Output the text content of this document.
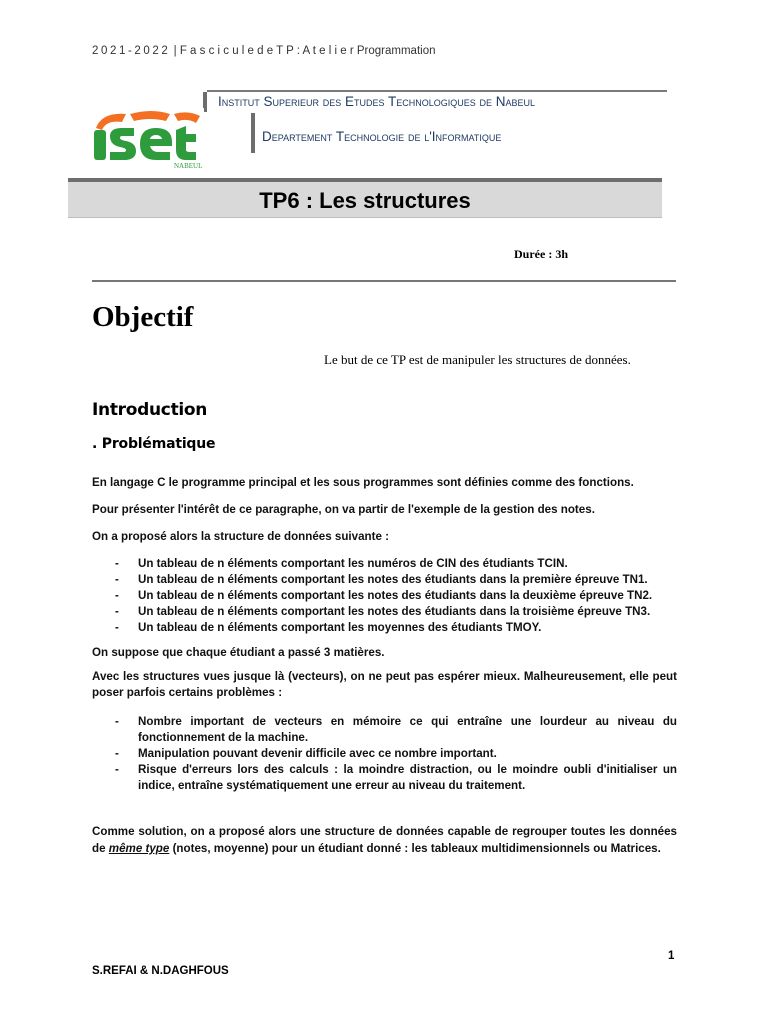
2021-2022 | F a s c i c u l e d e T P : A t e l i e r Programmation
Institut Superieur des Etudes Technologiques de Nabeul
Departement Technologie de l'Informatique
NABEUL
TP6 : Les structures
Durée : 3h
Objectif
Le but de ce TP est de manipuler les structures de données.
Introduction
. Problématique
En langage C le programme principal et les sous programmes sont définies comme des fonctions.
Pour présenter l'intérêt de ce paragraphe, on va partir de l'exemple de la gestion des notes.
On a proposé alors la structure de données suivante :
- Un tableau de n éléments comportant les numéros de CIN des étudiants TCIN.
- Un tableau de n éléments comportant les notes des étudiants dans la première épreuve TN1.
- Un tableau de n éléments comportant les notes des étudiants dans la deuxième épreuve TN2.
- Un tableau de n éléments comportant les notes des étudiants dans la troisième épreuve TN3.
- Un tableau de n éléments comportant les moyennes des étudiants TMOY.
On suppose que chaque étudiant a passé 3 matières.
Avec les structures vues jusque là (vecteurs), on ne peut pas espérer mieux. Malheureusement, elle peut poser parfois certains problèmes :
- Nombre important de vecteurs en mémoire ce qui entraîne une lourdeur au niveau du fonctionnement de la machine.
- Manipulation pouvant devenir difficile avec ce nombre important.
- Risque d'erreurs lors des calculs : la moindre distraction, ou le moindre oubli d'initialiser un indice, entraîne systématiquement une erreur au niveau du traitement.
Comme solution, on a proposé alors une structure de données capable de regrouper toutes les données de même type (notes, moyenne) pour un étudiant donné : les tableaux multidimensionnels ou Matrices.
1
S.REFAI & N.DAGHFOUS
